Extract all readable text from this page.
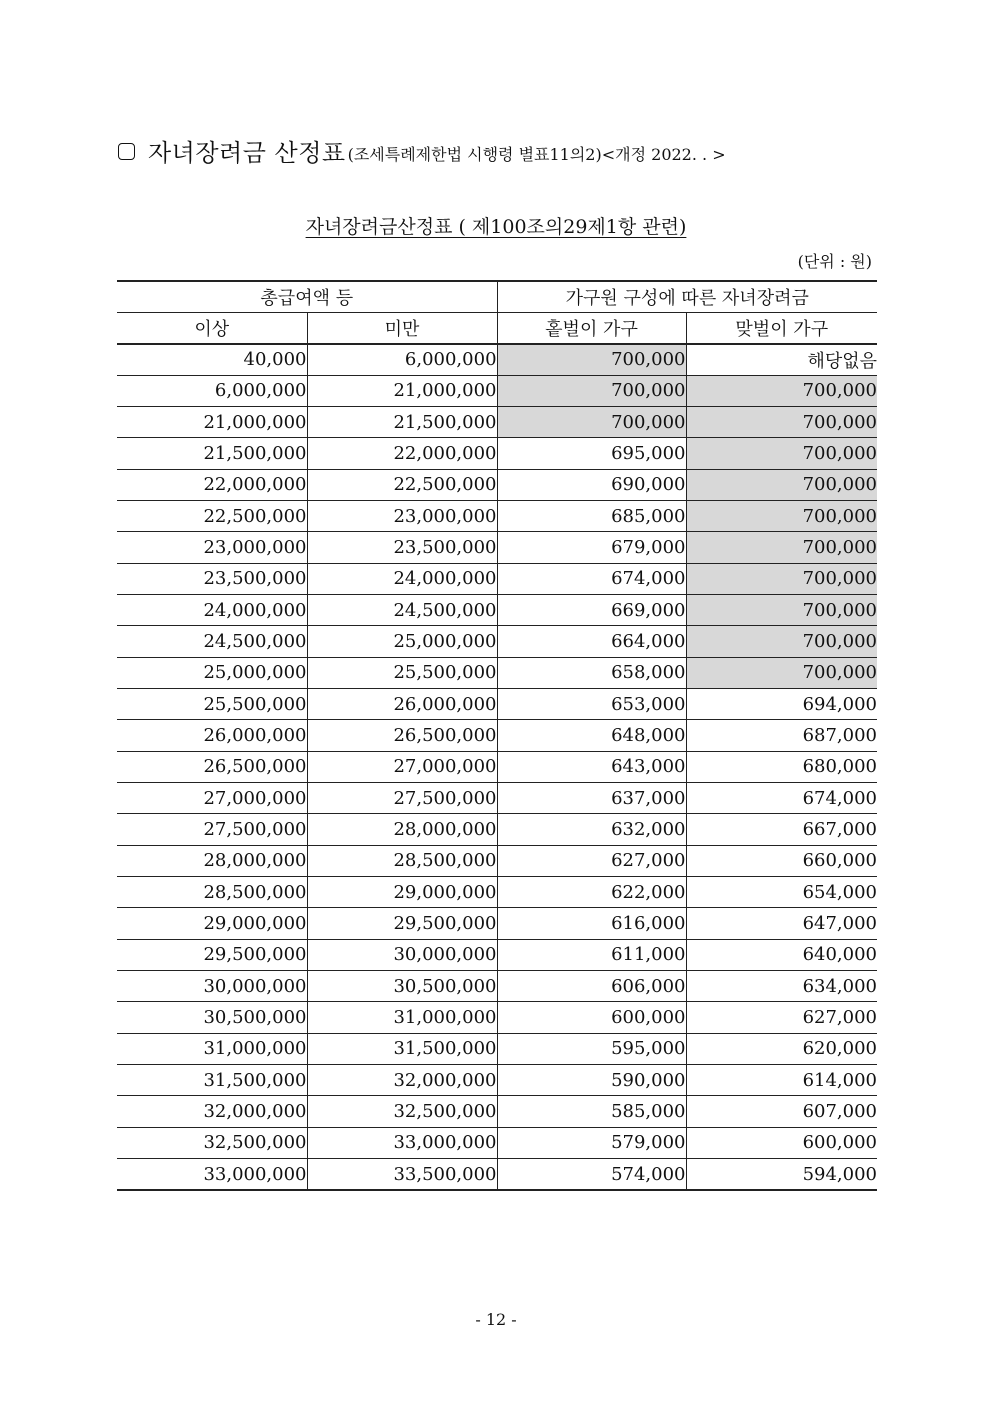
자녀장려금 산정표 (조세특례제한법 시행령 별표11의2)<개정 2022. . >
자녀장려금산정표 ( 제100조의29제1항 관련)
(단위 : 원)
총급여액 등		가구원 구성에 따른 자녀장려금	
이상	미만	홑벌이 가구	맞벌이 가구
40,000	6,000,000	700,000	해당없음
6,000,000	21,000,000	700,000	700,000
21,000,000	21,500,000	700,000	700,000
21,500,000	22,000,000	695,000	700,000
22,000,000	22,500,000	690,000	700,000
22,500,000	23,000,000	685,000	700,000
23,000,000	23,500,000	679,000	700,000
23,500,000	24,000,000	674,000	700,000
24,000,000	24,500,000	669,000	700,000
24,500,000	25,000,000	664,000	700,000
25,000,000	25,500,000	658,000	700,000
25,500,000	26,000,000	653,000	694,000
26,000,000	26,500,000	648,000	687,000
26,500,000	27,000,000	643,000	680,000
27,000,000	27,500,000	637,000	674,000
27,500,000	28,000,000	632,000	667,000
28,000,000	28,500,000	627,000	660,000
28,500,000	29,000,000	622,000	654,000
29,000,000	29,500,000	616,000	647,000
29,500,000	30,000,000	611,000	640,000
30,000,000	30,500,000	606,000	634,000
30,500,000	31,000,000	600,000	627,000
31,000,000	31,500,000	595,000	620,000
31,500,000	32,000,000	590,000	614,000
32,000,000	32,500,000	585,000	607,000
32,500,000	33,000,000	579,000	600,000
33,000,000	33,500,000	574,000	594,000
- 12 -
